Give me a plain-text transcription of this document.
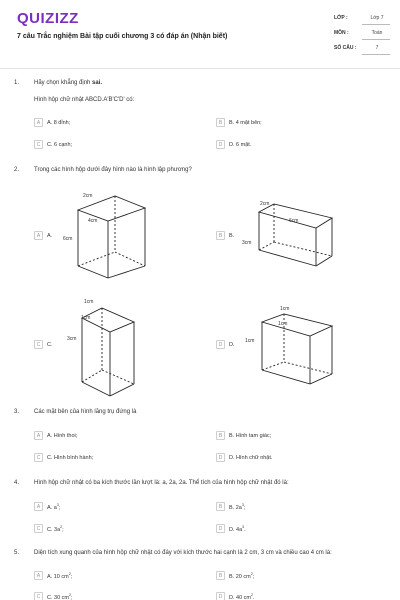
QUIZIZZ
7 câu Trắc nghiệm Bài tập cuối chương 3 có đáp án (Nhận biết)
LỚP :	Lớp 7
MÔN :	Toán
SỐ CÂU :	7
1. Hãy chọn khẳng định sai.
Hình hộp chữ nhật ABCD.A'B'C'D' có:
A	A. 8 đỉnh;	B	B. 4 mặt bên;
C	C. 6 cạnh;	D	D. 6 mặt.
2. Trong các hình hộp dưới đây hình nào là hình lập phương?
A	A.	B	B.
C	C.	D	D.
2cm
4cm
6cm
2cm
6cm
3cm
1cm
1cm
3cm
1cm
1cm
1cm
3. Các mặt bên của hình lăng trụ đứng là
A	A. Hình thoi;	B	B. Hình tam giác;
C	C. Hình bình hành;	D	D. Hình chữ nhật.
4. Hình hộp chữ nhật có ba kích thước lần lượt là: a, 2a, 2a. Thể tích của hình hộp chữ nhật đó là:
A	A. $a^3$;	B	B. $2a^3$;
C	C. $3a^2$;	D	D. $4a^3$.
5. Diện tích xung quanh của hình hộp chữ nhật có đáy với kích thước hai cạnh là 2 cm, 3 cm và chiều cao 4 cm là:
A	A. 10 $cm^2$;	B	B. 20 $cm^2$;
C	C. 30 $cm^2$;	D	D. 40 $cm^2$.
